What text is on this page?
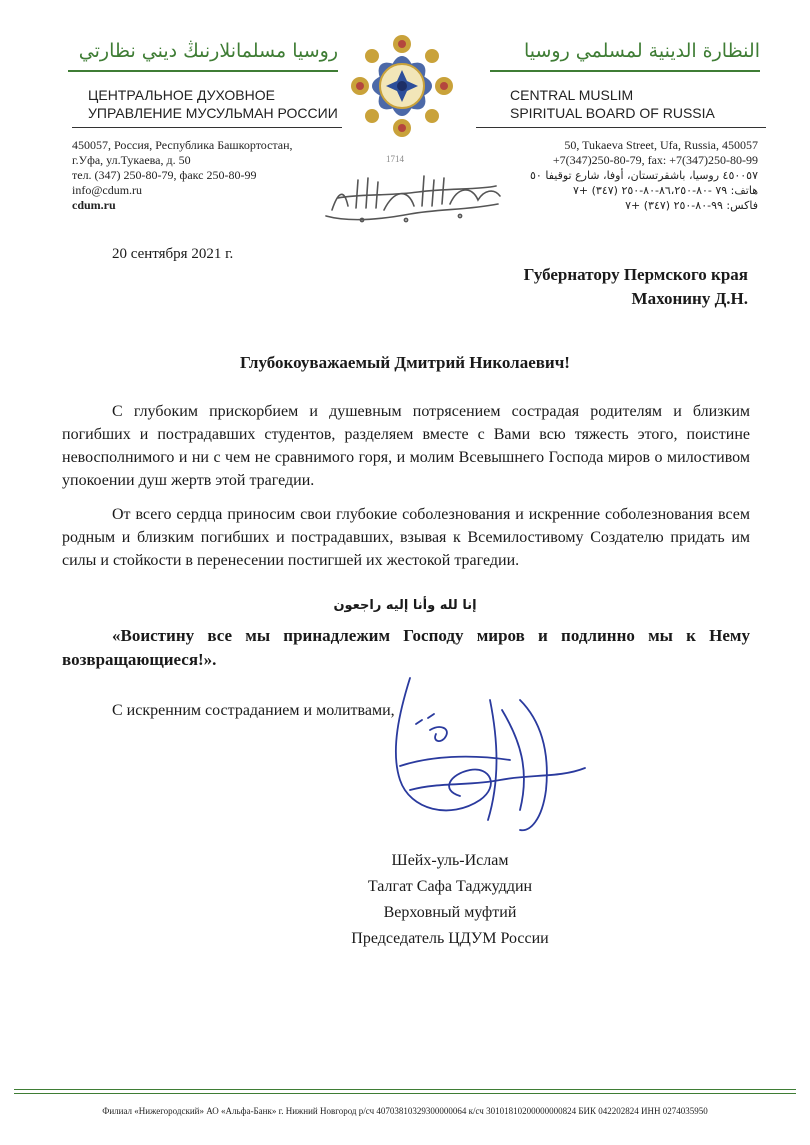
روسيا مسلمانلارنىڭ ديني نظارتي	النظارة الدينية لمسلمي روسيا
ЦЕНТРАЛЬНОЕ ДУХОВНОЕ
УПРАВЛЕНИЕ МУСУЛЬМАН РОССИИ
CENTRAL MUSLIM
SPIRITUAL BOARD OF RUSSIA
1714
450057, Россия, Республика Башкортостан,
г.Уфа, ул.Тукаева, д. 50
тел. (347) 250-80-79, факс 250-80-99
info@cdum.ru
cdum.ru
50, Tukaeva Street, Ufa, Russia, 450057
+7(347)250-80-79, fax: +7(347)250-80-99
٤٥٠٠٥٧ روسيا، باشقرتستان، أوفا، شارع توقيفا ٥٠
هاتف: ٧٩ -٨٠-٨٦،٢٥٠-٨٠-٢٥٠ (٣٤٧) +٧
فاكس: ٩٩-٨٠-٢٥٠ (٣٤٧) +٧
20 сентября 2021 г.
Губернатору Пермского края
Махонину Д.Н.
Глубокоуважаемый Дмитрий Николаевич!
С глубоким прискорбием и душевным потрясением сострадая родителям и близким погибших и пострадавших студентов, разделяем вместе с Вами всю тяжесть этого, поистине невосполнимого и ни с чем не сравнимого горя, и молим Всевышнего Господа миров о милостивом упокоении душ жертв этой трагедии.
От всего сердца приносим свои глубокие соболезнования и искренние соболезнования всем родным и близким погибших и пострадавших, взывая к Всемилостивому Создателю придать им силы и стойкости в перенесении постигшей их жестокой трагедии.
إنا لله وأنا إليه راجعون
«Воистину все мы принадлежим Господу миров и подлинно мы к Нему возвращающиеся!».
С искренним состраданием и молитвами,
Шейх-уль-Ислам
Талгат Сафа Таджуддин
Верховный муфтий
Председатель ЦДУМ России
Филиал «Нижегородский» АО «Альфа-Банк» г. Нижний Новгород р/сч 40703810329300000064 к/сч 30101810200000000824 БИК 042202824 ИНН 0274035950
